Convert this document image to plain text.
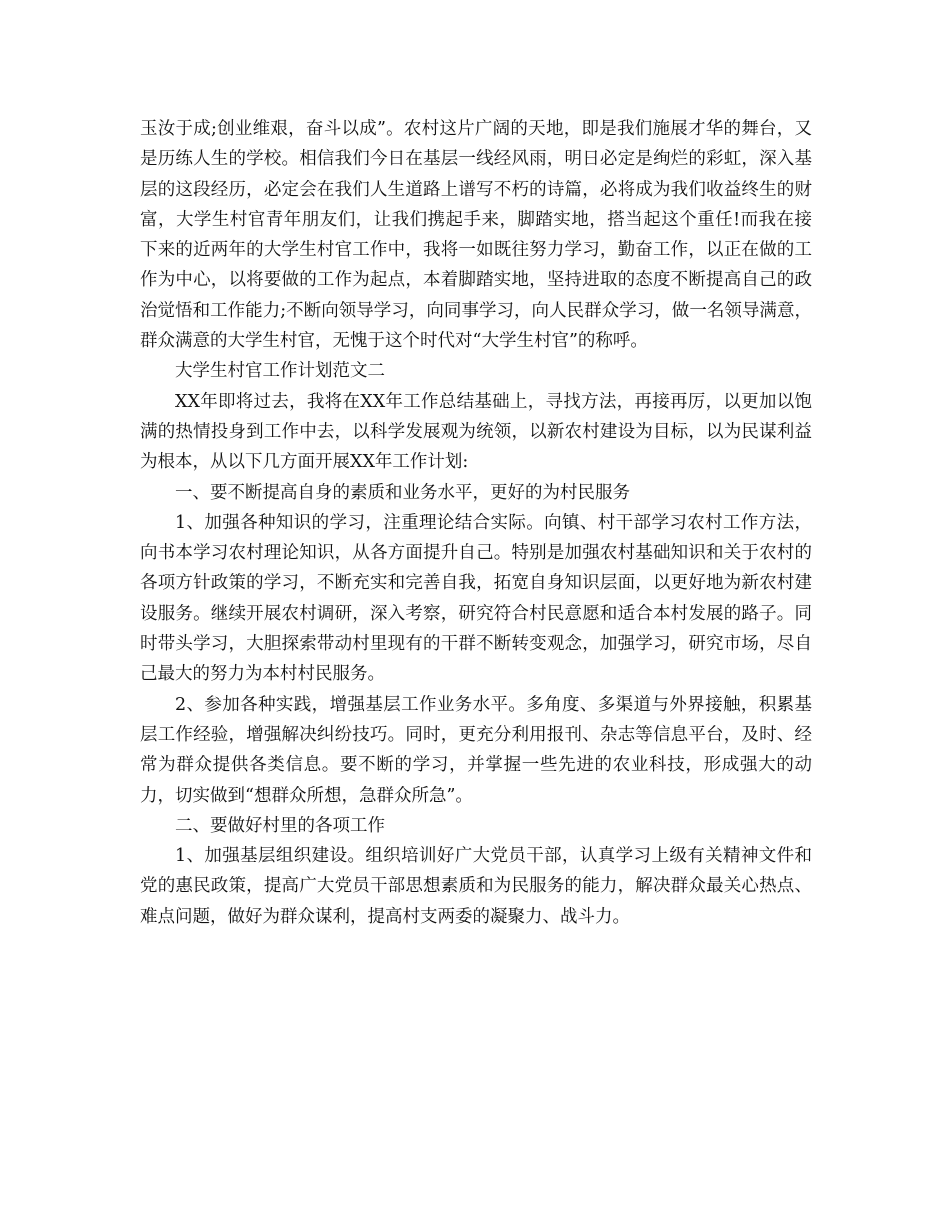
玉汝于成;创业维艰，奋斗以成”。农村这片广阔的天地，即是我们施展才华的舞台，又是历练人生的学校。相信我们今日在基层一线经风雨，明日必定是绚烂的彩虹，深入基层的这段经历，必定会在我们人生道路上谱写不朽的诗篇，必将成为我们收益终生的财富，大学生村官青年朋友们，让我们携起手来，脚踏实地，搭当起这个重任!而我在接下来的近两年的大学生村官工作中，我将一如既往努力学习，勤奋工作，以正在做的工作为中心，以将要做的工作为起点，本着脚踏实地，坚持进取的态度不断提高自己的政治觉悟和工作能力;不断向领导学习，向同事学习，向人民群众学习，做一名领导满意，群众满意的大学生村官，无愧于这个时代对“大学生村官”的称呼。

大学生村官工作计划范文二

XX年即将过去，我将在XX年工作总结基础上，寻找方法，再接再厉，以更加以饱满的热情投身到工作中去，以科学发展观为统领，以新农村建设为目标，以为民谋利益为根本，从以下几方面开展XX年工作计划:

一、要不断提高自身的素质和业务水平，更好的为村民服务

1、加强各种知识的学习，注重理论结合实际。向镇、村干部学习农村工作方法，向书本学习农村理论知识，从各方面提升自己。特别是加强农村基础知识和关于农村的各项方针政策的学习，不断充实和完善自我，拓宽自身知识层面，以更好地为新农村建设服务。继续开展农村调研，深入考察，研究符合村民意愿和适合本村发展的路子。同时带头学习，大胆探索带动村里现有的干群不断转变观念，加强学习，研究市场，尽自己最大的努力为本村村民服务。

2、参加各种实践，增强基层工作业务水平。多角度、多渠道与外界接触，积累基层工作经验，增强解决纠纷技巧。同时，更充分利用报刊、杂志等信息平台，及时、经常为群众提供各类信息。要不断的学习，并掌握一些先进的农业科技，形成强大的动力，切实做到“想群众所想，急群众所急”。

二、要做好村里的各项工作

1、加强基层组织建设。组织培训好广大党员干部，认真学习上级有关精神文件和党的惠民政策，提高广大党员干部思想素质和为民服务的能力，解决群众最关心热点、难点问题，做好为群众谋利，提高村支两委的凝聚力、战斗力。
